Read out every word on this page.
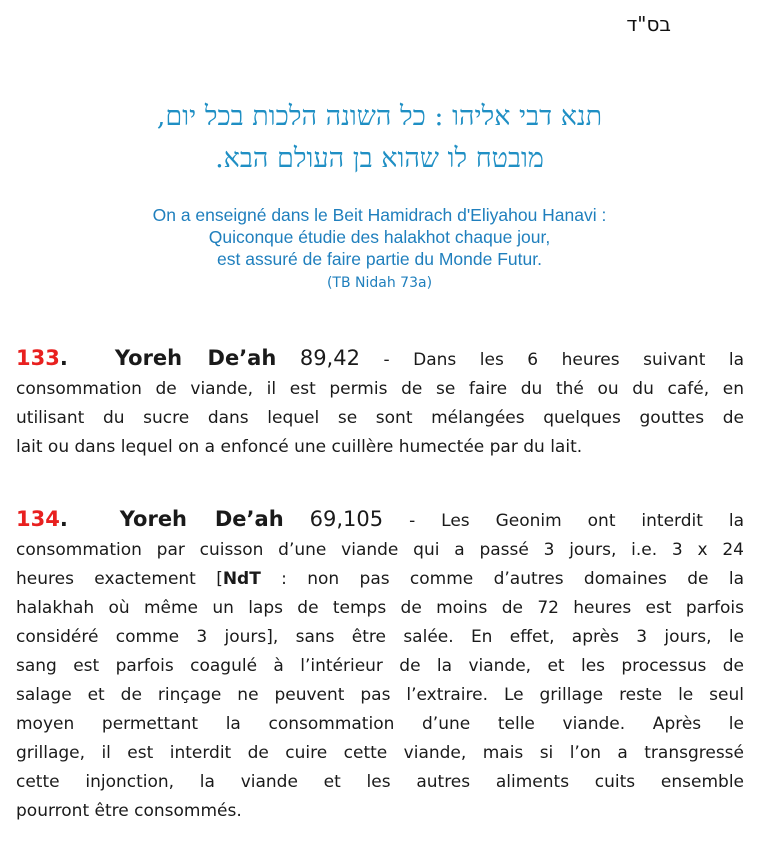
בס"ד
תנא דבי אליהו : כל השונה הלכות בכל יום,
מובטח לו שהוא בן העולם הבא.
On a enseigné dans le Beit Hamidrach d'Eliyahou Hanavi :
Quiconque étudie des halakhot chaque jour,
est assuré de faire partie du Monde Futur.
(TB Nidah 73a)
133. Yoreh De’ah 89,42 - Dans les 6 heures suivant la
consommation de viande, il est permis de se faire du thé ou du café, en
utilisant du sucre dans lequel se sont mélangées quelques gouttes de
lait ou dans lequel on a enfoncé une cuillère humectée par du lait.
134. Yoreh De’ah 69,105 - Les Geonim ont interdit la
consommation par cuisson d’une viande qui a passé 3 jours, i.e. 3 x 24
heures exactement [NdT : non pas comme d’autres domaines de la
halakhah où même un laps de temps de moins de 72 heures est parfois
considéré comme 3 jours], sans être salée. En effet, après 3 jours, le
sang est parfois coagulé à l’intérieur de la viande, et les processus de
salage et de rinçage ne peuvent pas l’extraire. Le grillage reste le seul
moyen permettant la consommation d’une telle viande. Après le
grillage, il est interdit de cuire cette viande, mais si l’on a transgressé
cette injonction, la viande et les autres aliments cuits ensemble
pourront être consommés.
